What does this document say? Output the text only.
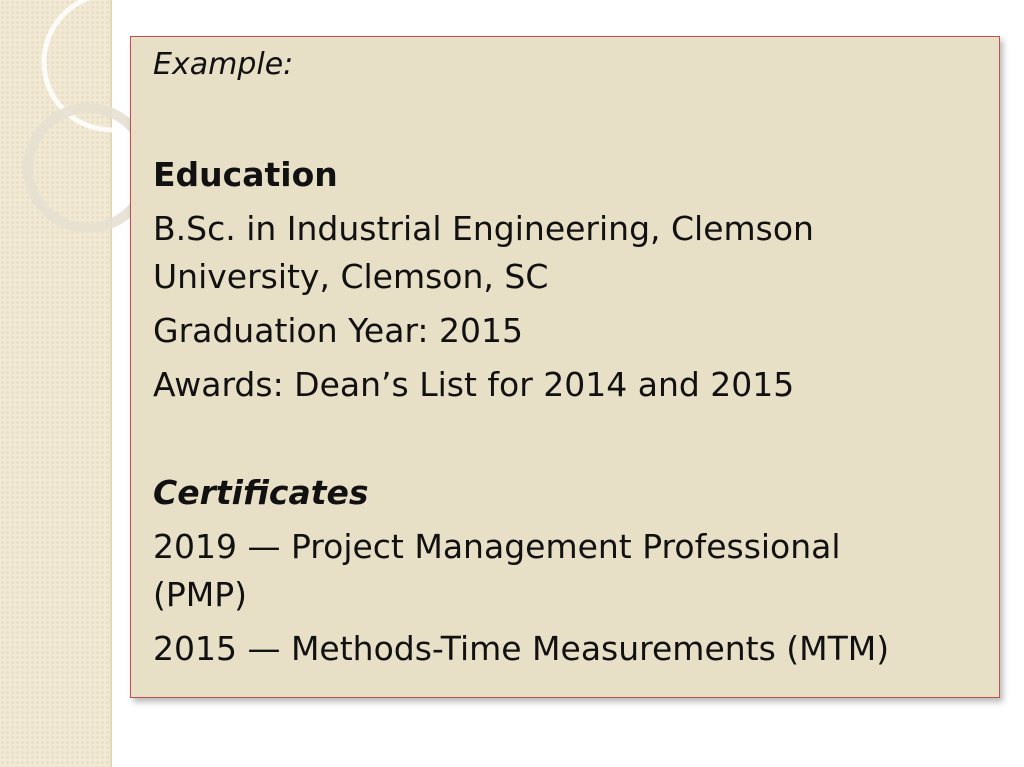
Example:

Education

B.Sc. in Industrial Engineering, Clemson

University, Clemson, SC

Graduation Year: 2015

Awards: Dean’s List for 2014 and 2015

Certificates

2019 — Project Management Professional

(PMP)

2015 — Methods-Time Measurements (MTM)
